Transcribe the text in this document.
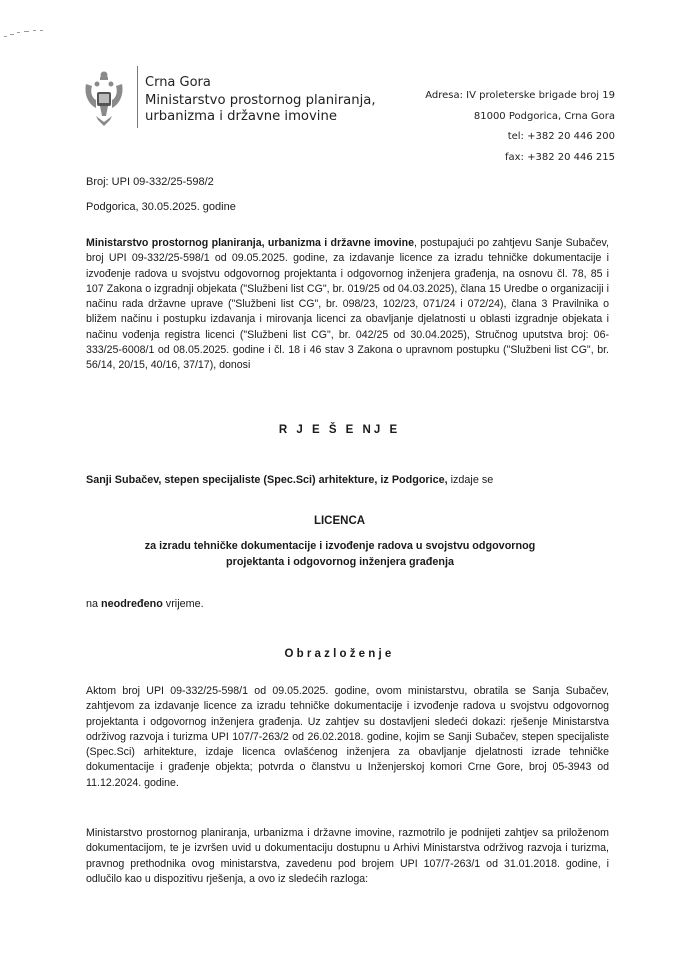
Crna Gora
Ministarstvo prostornog planiranja,
urbanizma i državne imovine
Adresa: IV proleterske brigade broj 19
81000 Podgorica, Crna Gora
tel: +382 20 446 200
fax: +382 20 446 215
Broj: UPI 09-332/25-598/2
Podgorica, 30.05.2025. godine
Ministarstvo prostornog planiranja, urbanizma i državne imovine, postupajući po zahtjevu Sanje Subačev, broj UPI 09-332/25-598/1 od 09.05.2025. godine, za izdavanje licence za izradu tehničke dokumentacije i izvođenje radova u svojstvu odgovornog projektanta i odgovornog inženjera građenja, na osnovu čl. 78, 85 i 107 Zakona o izgradnji objekata ("Službeni list CG", br. 019/25 od 04.03.2025), člana 15 Uredbe o organizaciji i načinu rada državne uprave ("Službeni list CG", br. 098/23, 102/23, 071/24 i 072/24), člana 3 Pravilnika o bližem načinu i postupku izdavanja i mirovanja licenci za obavljanje djelatnosti u oblasti izgradnje objekata i načinu vođenja registra licenci ("Službeni list CG", br. 042/25 od 30.04.2025), Stručnog uputstva broj: 06-333/25-6008/1 od 08.05.2025. godine i čl. 18 i 46 stav 3 Zakona o upravnom postupku ("Službeni list CG", br. 56/14, 20/15, 40/16, 37/17), donosi
R J E Š E NJ E
Sanji Subačev, stepen specijaliste (Spec.Sci) arhitekture, iz Podgorice, izdaje se
LICENCA
za izradu tehničke dokumentacije i izvođenje radova u svojstvu odgovornog projektanta i odgovornog inženjera građenja
na neodređeno vrijeme.
Obrazloženje
Aktom broj UPI 09-332/25-598/1 od 09.05.2025. godine, ovom ministarstvu, obratila se Sanja Subačev, zahtjevom za izdavanje licence za izradu tehničke dokumentacije i izvođenje radova u svojstvu odgovornog projektanta i odgovornog inženjera građenja. Uz zahtjev su dostavljeni sledeći dokazi: rješenje Ministarstva održivog razvoja i turizma UPI 107/7-263/2 od 26.02.2018. godine, kojim se Sanji Subačev, stepen specijaliste (Spec.Sci) arhitekture, izdaje licenca ovlašćenog inženjera za obavljanje djelatnosti izrade tehničke dokumentacije i građenje objekta; potvrda o članstvu u Inženjerskoj komori Crne Gore, broj 05-3943 od 11.12.2024. godine.
Ministarstvo prostornog planiranja, urbanizma i državne imovine, razmotrilo je podnijeti zahtjev sa priloženom dokumentacijom, te je izvršen uvid u dokumentaciju dostupnu u Arhivi Ministarstva održivog razvoja i turizma, pravnog prethodnika ovog ministarstva, zavedenu pod brojem UPI 107/7-263/1 od 31.01.2018. godine, i odlučilo kao u dispozitivu rješenja, a ovo iz sledećih razloga:
